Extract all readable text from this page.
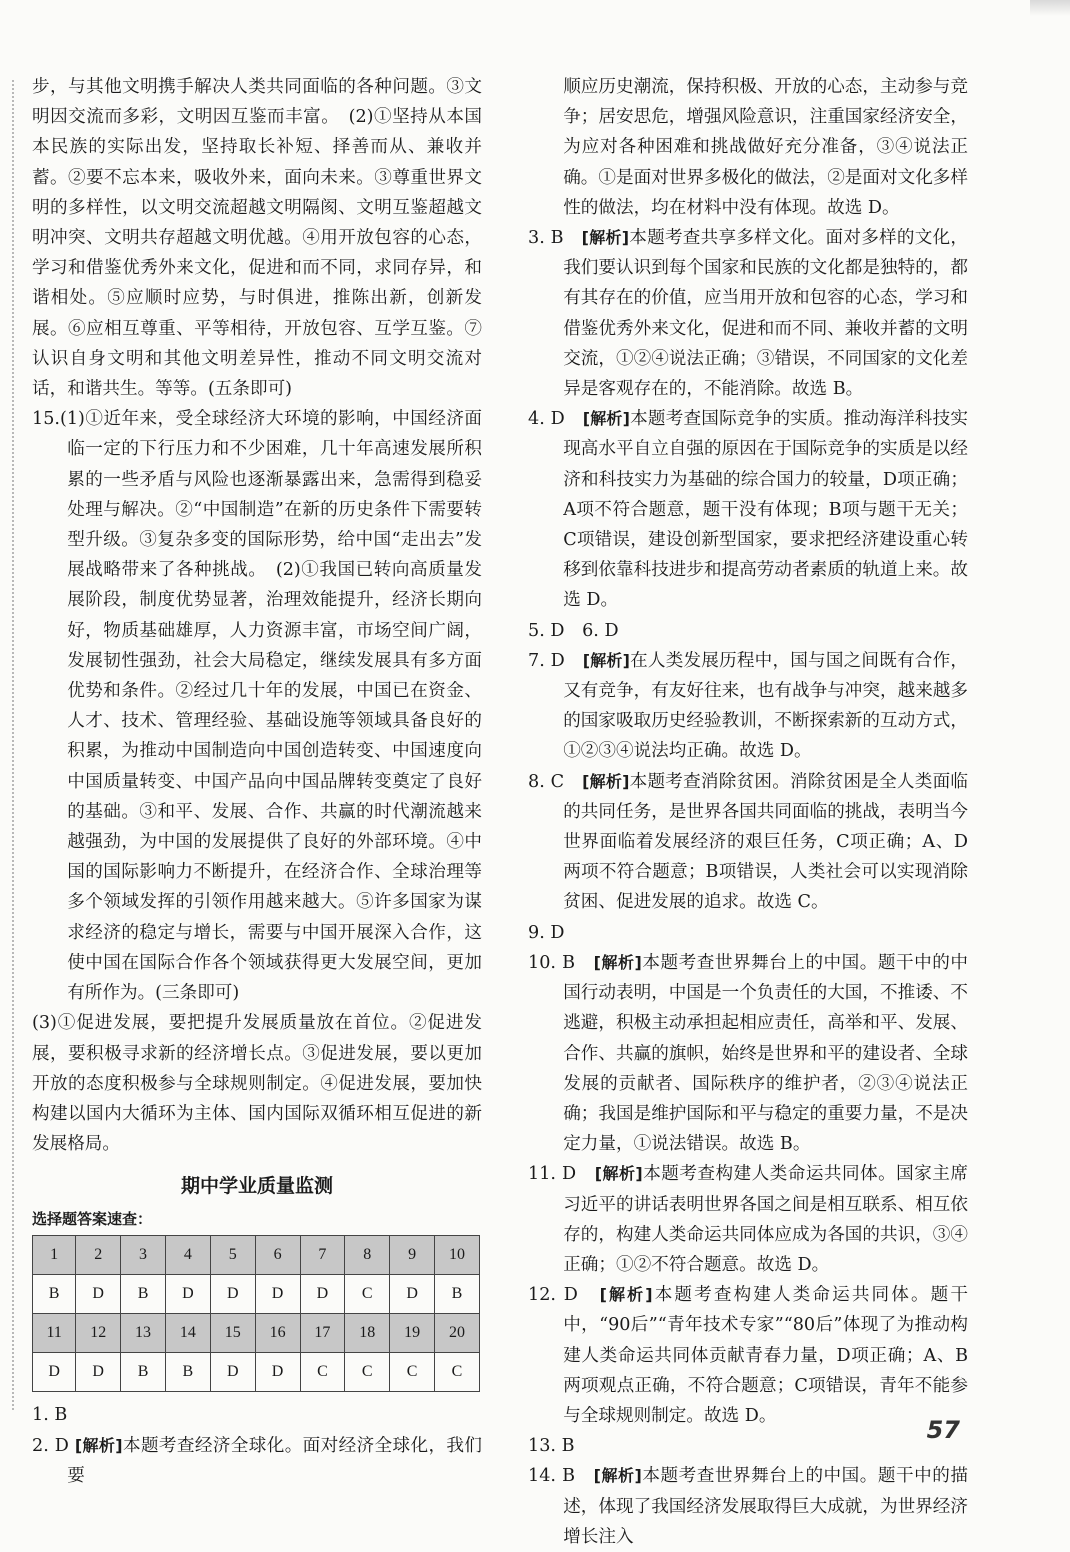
步，与其他文明携手解决人类共同面临的各种问题。③文明因交流而多彩，文明因互鉴而丰富。　(2)①坚持从本国本民族的实际出发，坚持取长补短、择善而从、兼收并蓄。②要不忘本来，吸收外来，面向未来。③尊重世界文明的多样性，以文明交流超越文明隔阂、文明互鉴超越文明冲突、文明共存超越文明优越。④用开放包容的心态，学习和借鉴优秀外来文化，促进和而不同，求同存异，和谐相处。⑤应顺时应势，与时俱进，推陈出新，创新发展。⑥应相互尊重、平等相待，开放包容、互学互鉴。⑦认识自身文明和其他文明差异性，推动不同文明交流对话，和谐共生。等等。(五条即可)

15.(1)①近年来，受全球经济大环境的影响，中国经济面临一定的下行压力和不少困难，几十年高速发展所积累的一些矛盾与风险也逐渐暴露出来，急需得到稳妥处理与解决。②“中国制造”在新的历史条件下需要转型升级。③复杂多变的国际形势，给中国“走出去”发展战略带来了各种挑战。　(2)①我国已转向高质量发展阶段，制度优势显著，治理效能提升，经济长期向好，物质基础雄厚，人力资源丰富，市场空间广阔，发展韧性强劲，社会大局稳定，继续发展具有多方面优势和条件。②经过几十年的发展，中国已在资金、人才、技术、管理经验、基础设施等领域具备良好的积累，为推动中国制造向中国创造转变、中国速度向中国质量转变、中国产品向中国品牌转变奠定了良好的基础。③和平、发展、合作、共赢的时代潮流越来越强劲，为中国的发展提供了良好的外部环境。④中国的国际影响力不断提升，在经济合作、全球治理等多个领域发挥的引领作用越来越大。⑤许多国家为谋求经济的稳定与增长，需要与中国开展深入合作，这使中国在国际合作各个领域获得更大发展空间，更加有所作为。(三条即可)

(3)①促进发展，要把提升发展质量放在首位。②促进发展，要积极寻求新的经济增长点。③促进发展，要以更加开放的态度积极参与全球规则制定。④促进发展，要加快构建以国内大循环为主体、国内国际双循环相互促进的新发展格局。

期中学业质量监测
选择题答案速查：
1	2	3	4	5	6	7	8	9	10
B	D	B	D	D	D	D	C	D	B
11	12	13	14	15	16	17	18	19	20
D	D	B	B	D	D	C	C	C	C

1. B

2. D [解析]本题考查经济全球化。面对经济全球化，我们要

顺应历史潮流，保持积极、开放的心态，主动参与竞争；居安思危，增强风险意识，注重国家经济安全，为应对各种困难和挑战做好充分准备，③④说法正确。①是面对世界多极化的做法，②是面对文化多样性的做法，均在材料中没有体现。故选 D。

3. B　 [解析]本题考查共享多样文化。面对多样的文化，我们要认识到每个国家和民族的文化都是独特的，都有其存在的价值，应当用开放和包容的心态，学习和借鉴优秀外来文化，促进和而不同、兼收并蓄的文明交流，①②④说法正确；③错误，不同国家的文化差异是客观存在的，不能消除。故选 B。

4. D　 [解析]本题考查国际竞争的实质。推动海洋科技实现高水平自立自强的原因在于国际竞争的实质是以经济和科技实力为基础的综合国力的较量，D项正确；A项不符合题意，题干没有体现；B项与题干无关；C项错误，建设创新型国家，要求把经济建设重心转移到依靠科技进步和提高劳动者素质的轨道上来。故选 D。

5. D　6. D

7. D　 [解析]在人类发展历程中，国与国之间既有合作，又有竞争，有友好往来，也有战争与冲突，越来越多的国家吸取历史经验教训，不断探索新的互动方式，①②③④说法均正确。故选 D。

8. C　 [解析]本题考查消除贫困。消除贫困是全人类面临的共同任务，是世界各国共同面临的挑战，表明当今世界面临着发展经济的艰巨任务，C项正确；A、D两项不符合题意；B项错误，人类社会可以实现消除贫困、促进发展的追求。故选 C。

9. D

10. B　 [解析]本题考查世界舞台上的中国。题干中的中国行动表明，中国是一个负责任的大国，不推诿、不逃避，积极主动承担起相应责任，高举和平、发展、合作、共赢的旗帜，始终是世界和平的建设者、全球发展的贡献者、国际秩序的维护者，②③④说法正确；我国是维护国际和平与稳定的重要力量，不是决定力量，①说法错误。故选 B。

11. D　 [解析]本题考查构建人类命运共同体。国家主席习近平的讲话表明世界各国之间是相互联系、相互依存的，构建人类命运共同体应成为各国的共识，③④正确；①②不符合题意。故选 D。

12. D　 [解析]本题考查构建人类命运共同体。题干中，“90后”“青年技术专家”“80后”体现了为推动构建人类命运共同体贡献青春力量，D项正确；A、B两项观点正确，不符合题意；C项错误，青年不能参与全球规则制定。故选 D。

13. B

14. B　 [解析]本题考查世界舞台上的中国。题干中的描述，体现了我国经济发展取得巨大成就，为世界经济增长注入

57
